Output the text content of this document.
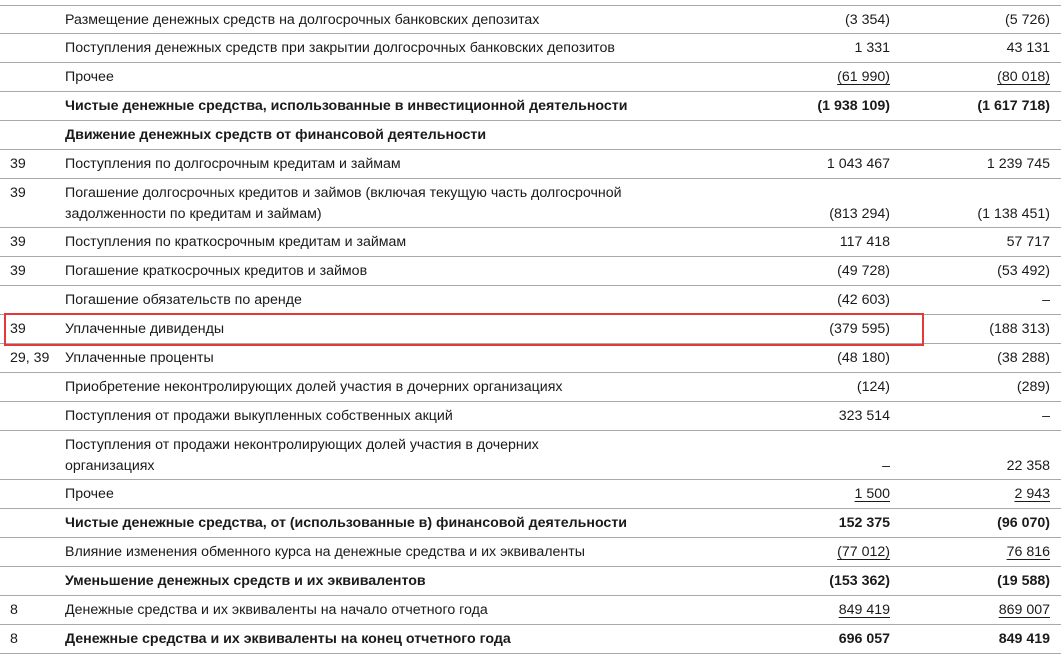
Размещение денежных средств на долгосрочных банковских депозитах	(3 354)	(5 726)
Поступления денежных средств при закрытии долгосрочных банковских депозитов	1 331	43 131
Прочее	(61 990)	(80 018)
Чистые денежные средства, использованные в инвестиционной деятельности	(1 938 109)	(1 617 718)
Движение денежных средств от финансовой деятельности
39	Поступления по долгосрочным кредитам и займам	1 043 467	1 239 745
39	Погашение долгосрочных кредитов и займов (включая текущую часть долгосрочной задолженности по кредитам и займам)	(813 294)	(1 138 451)
39	Поступления по краткосрочным кредитам и займам	117 418	57 717
39	Погашение краткосрочных кредитов и займов	(49 728)	(53 492)
Погашение обязательств по аренде	(42 603)	–
39	Уплаченные дивиденды	(379 595)	(188 313)
29, 39 Уплаченные проценты	(48 180)	(38 288)
Приобретение неконтролирующих долей участия в дочерних организациях	(124)	(289)
Поступления от продажи выкупленных собственных акций	323 514	–
Поступления от продажи неконтролирующих долей участия в дочерних организациях	–	22 358
Прочее	1 500	2 943
Чистые денежные средства, от (использованные в) финансовой деятельности	152 375	(96 070)
Влияние изменения обменного курса на денежные средства и их эквиваленты	(77 012)	76 816
Уменьшение денежных средств и их эквивалентов	(153 362)	(19 588)
8	Денежные средства и их эквиваленты на начало отчетного года	849 419	869 007
8	Денежные средства и их эквиваленты на конец отчетного года	696 057	849 419
